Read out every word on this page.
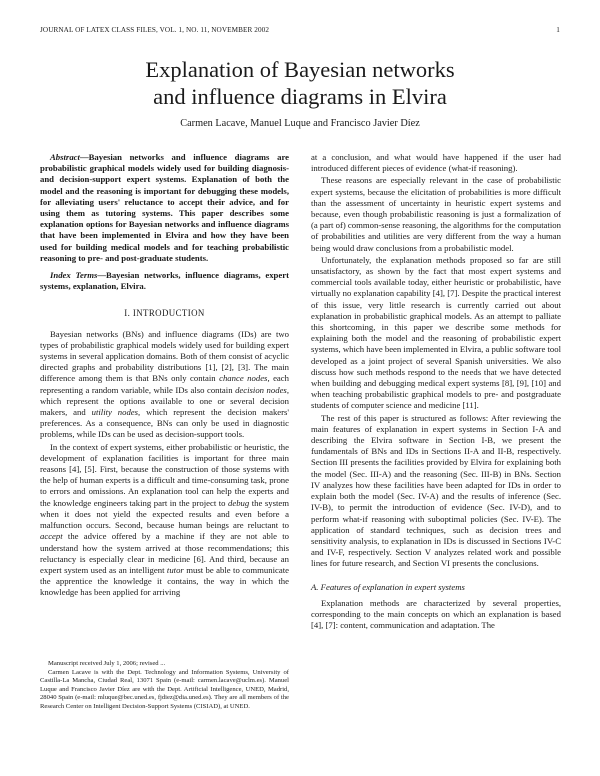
JOURNAL OF LATEX CLASS FILES, VOL. 1, NO. 11, NOVEMBER 2002	1
Explanation of Bayesian networks
and influence diagrams in Elvira
Carmen Lacave, Manuel Luque and Francisco Javier Díez

Abstract—Bayesian networks and influence diagrams are probabilistic graphical models widely used for building diagnosis- and decision-support expert systems. Explanation of both the model and the reasoning is important for debugging these models, for alleviating users' reluctance to accept their advice, and for using them as tutoring systems. This paper describes some explanation options for Bayesian networks and influence diagrams that have been implemented in Elvira and how they have been used for building medical models and for teaching probabilistic reasoning to pre- and post-graduate students.

Index Terms—Bayesian networks, influence diagrams, expert systems, explanation, Elvira.

I. INTRODUCTION

Bayesian networks (BNs) and influence diagrams (IDs) are two types of probabilistic graphical models widely used for building expert systems in several application domains. Both of them consist of acyclic directed graphs and probability distributions [1], [2], [3]. The main difference among them is that BNs only contain chance nodes, each representing a random variable, while IDs also contain decision nodes, which represent the options available to one or several decision makers, and utility nodes, which represent the decision makers' preferences. As a consequence, BNs can only be used in diagnostic problems, while IDs can be used as decision-support tools.

In the context of expert systems, either probabilistic or heuristic, the development of explanation facilities is important for three main reasons [4], [5]. First, because the construction of those systems with the help of human experts is a difficult and time-consuming task, prone to errors and omissions. An explanation tool can help the experts and the knowledge engineers taking part in the project to debug the system when it does not yield the expected results and even before a malfunction occurs. Second, because human beings are reluctant to accept the advice offered by a machine if they are not able to understand how the system arrived at those recommendations; this reluctancy is especially clear in medicine [6]. And third, because an expert system used as an intelligent tutor must be able to communicate the apprentice the knowledge it contains, the way in which the knowledge has been applied for arriving

Manuscript received July 1, 2006; revised ...

Carmen Lacave is with the Dept. Technology and Information Systems, University of Castilla-La Mancha, Ciudad Real, 13071 Spain (e-mail: carmen.lacave@uclm.es). Manuel Luque and Francisco Javier Díez are with the Dept. Artificial Intelligence, UNED, Madrid, 28040 Spain (e-mail: mluque@bec.uned.es, fjdiez@dia.uned.es). They are all members of the Research Center on Intelligent Decision-Support Systems (CISIAD), at UNED.

at a conclusion, and what would have happened if the user had introduced different pieces of evidence (what-if reasoning).

These reasons are especially relevant in the case of probabilistic expert systems, because the elicitation of probabilities is more difficult than the assessment of uncertainty in heuristic expert systems and because, even though probabilistic reasoning is just a formalization of (a part of) common-sense reasoning, the algorithms for the computation of probabilities and utilities are very different from the way a human being would draw conclusions from a probabilistic model.

Unfortunately, the explanation methods proposed so far are still unsatisfactory, as shown by the fact that most expert systems and commercial tools available today, either heuristic or probabilistic, have virtually no explanation capability [4], [7]. Despite the practical interest of this issue, very little research is currently carried out about explanation in probabilistic graphical models. As an attempt to palliate this shortcoming, in this paper we describe some methods for explaining both the model and the reasoning of probabilistic expert systems, which have been implemented in Elvira, a public software tool developed as a joint project of several Spanish universities. We also discuss how such methods respond to the needs that we have detected when building and debugging medical expert systems [8], [9], [10] and when teaching probabilistic graphical models to pre- and postgraduate students of computer science and medicine [11].

The rest of this paper is structured as follows: After reviewing the main features of explanation in expert systems in Section I-A and describing the Elvira software in Section I-B, we present the fundamentals of BNs and IDs in Sections II-A and II-B, respectively. Section III presents the facilities provided by Elvira for explaining both the model (Sec. III-A) and the reasoning (Sec. III-B) in BNs. Section IV analyzes how these facilities have been adapted for IDs in order to explain both the model (Sec. IV-A) and the results of inference (Sec. IV-B), to permit the introduction of evidence (Sec. IV-D), and to perform what-if reasoning with suboptimal policies (Sec. IV-E). The application of standard techniques, such as decision trees and sensitivity analysis, to explanation in IDs is discussed in Sections IV-C and IV-F, respectively. Section V analyzes related work and possible lines for future research, and Section VI presents the conclusions.

A. Features of explanation in expert systems

Explanation methods are characterized by several properties, corresponding to the main concepts on which an explanation is based [4], [7]: content, communication and adaptation. The
